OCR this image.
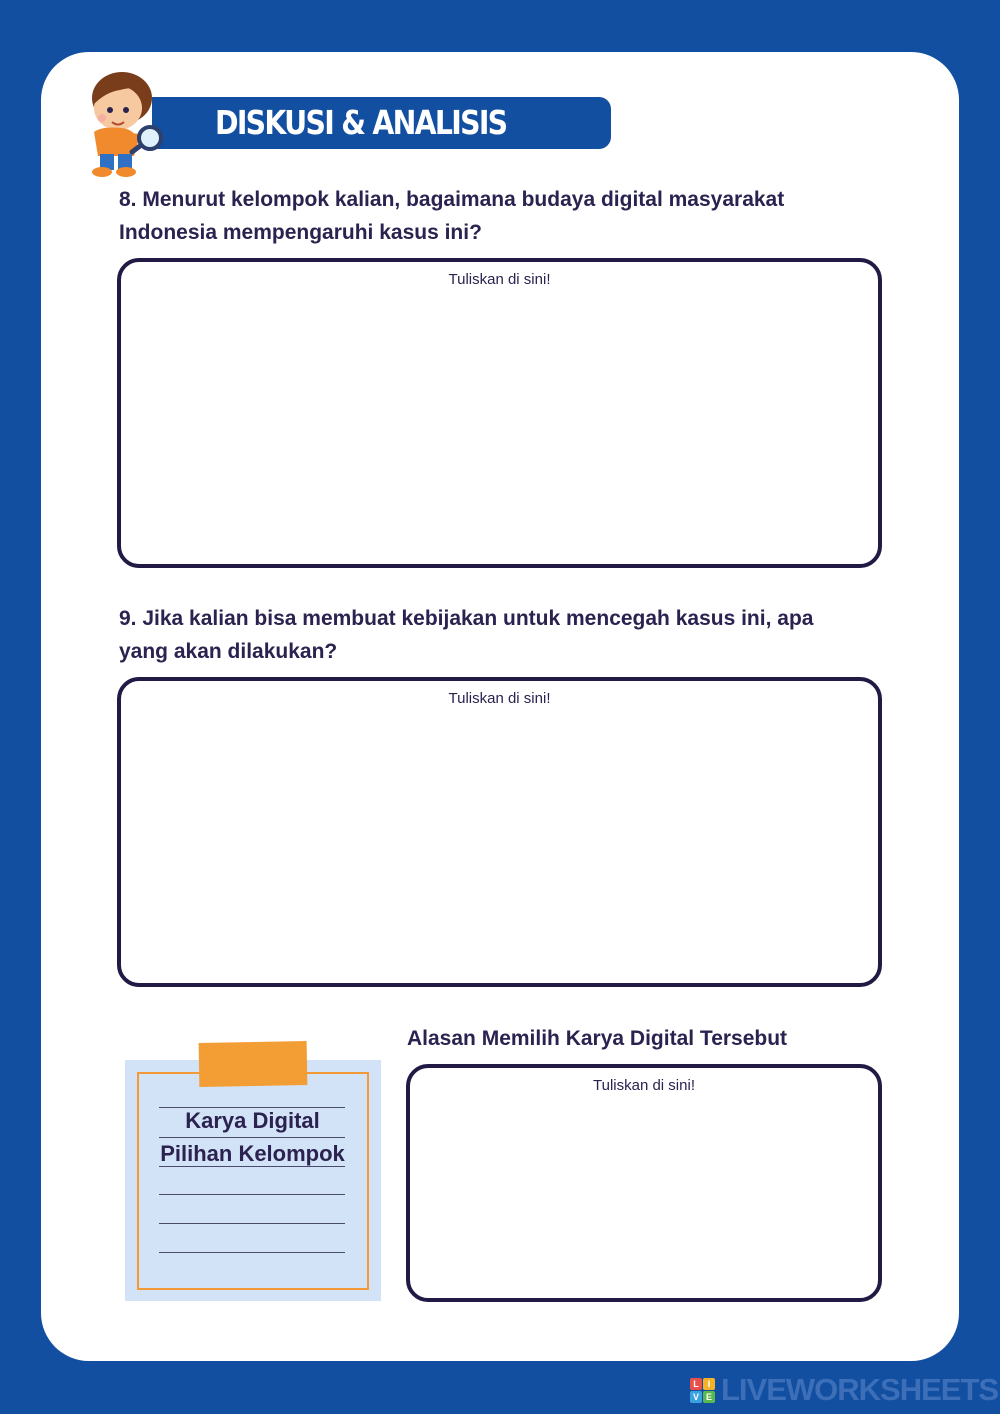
DISKUSI & ANALISIS

8. Menurut kelompok kalian, bagaimana budaya digital masyarakat
Indonesia mempengaruhi kasus ini?

Tuliskan di sini!

9. Jika kalian bisa membuat kebijakan untuk mencegah kasus ini, apa
yang akan dilakukan?

Tuliskan di sini!
Karya Digital
Pilihan Kelompok
Alasan Memilih Karya Digital Tersebut
Tuliskan di sini!
L I
V E LIVEWORKSHEETS
